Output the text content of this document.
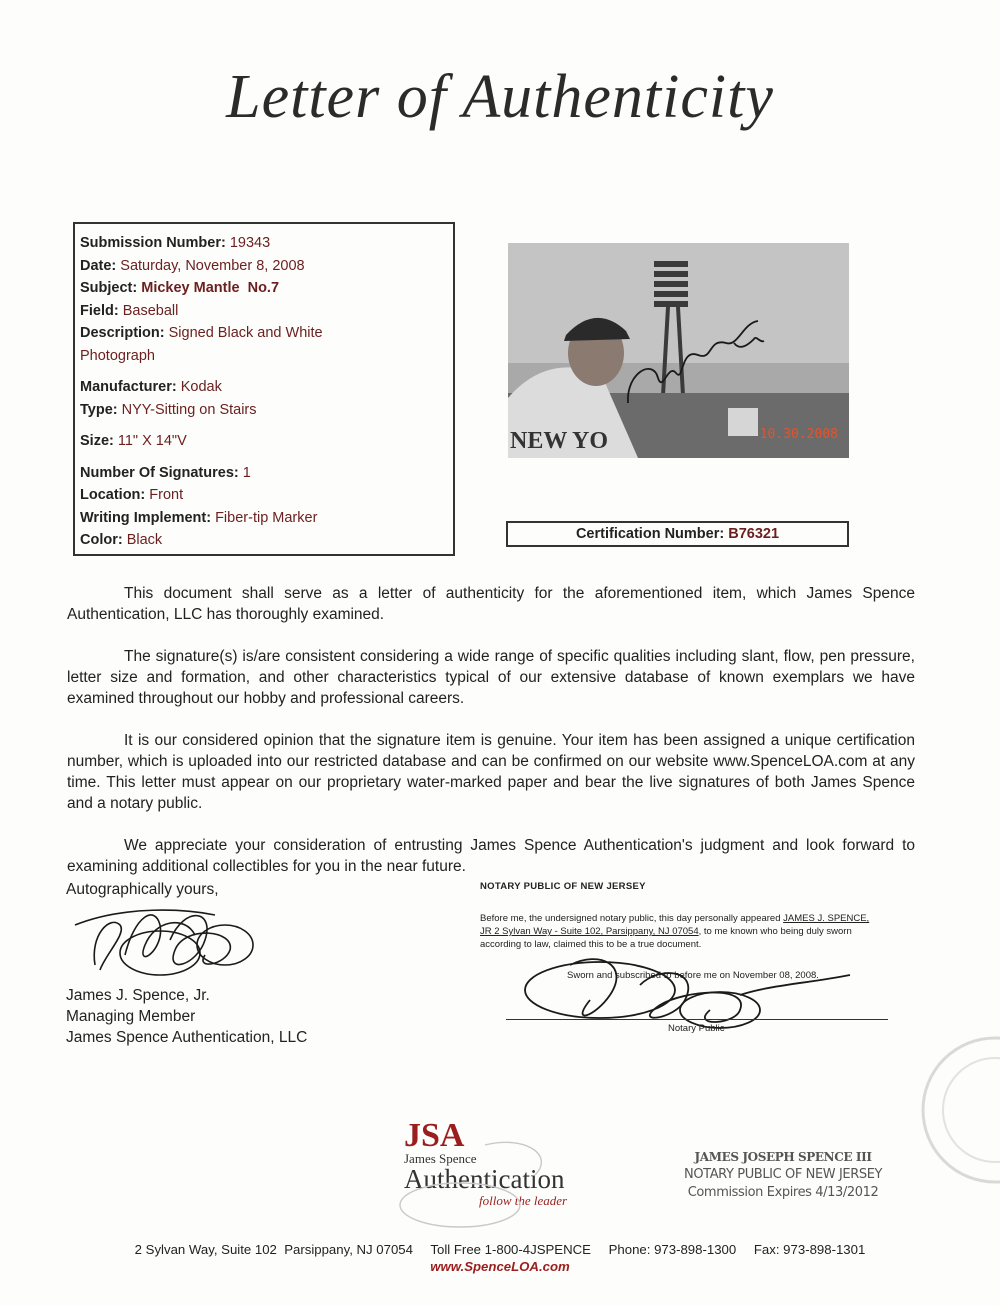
Letter of Authenticity
Submission Number: 19343
Date: Saturday, November 8, 2008
Subject: Mickey Mantle  No.7
Field: Baseball
Description: Signed Black and White
Photograph
Manufacturer: Kodak
Type: NYY-Sitting on Stairs
Size: 11" X 14"V
Number Of Signatures: 1
Location: Front
Writing Implement: Fiber-tip Marker
Color: Black
NEW YO	10.30.2008
Certification Number: B76321

This document shall serve as a letter of authenticity for the aforementioned item, which James Spence Authentication, LLC has thoroughly examined.

The signature(s) is/are consistent considering a wide range of specific qualities including slant, flow, pen pressure, letter size and formation, and other characteristics typical of our extensive database of known exemplars we have examined throughout our hobby and professional careers.

It is our considered opinion that the signature item is genuine. Your item has been assigned a unique certification number, which is uploaded into our restricted database and can be confirmed on our website www.SpenceLOA.com at any time. This letter must appear on our proprietary water-marked paper and bear the live signatures of both James Spence and a notary public.

We appreciate your consideration of entrusting James Spence Authentication's judgment and look forward to examining additional collectibles for you in the near future.

Autographically yours,
James J. Spence, Jr.
Managing Member
James Spence Authentication, LLC
NOTARY PUBLIC OF NEW JERSEY
Before me, the undersigned notary public, this day personally appeared JAMES J. SPENCE, JR 2 Sylvan Way - Suite 102, Parsippany, NJ 07054, to me known who being duly sworn according to law, claimed this to be a true document.
Sworn and subscribed to before me on November 08, 2008.
Notary Public
JSA
James Spence
Authentication
follow the leader
JAMES JOSEPH SPENCE III
NOTARY PUBLIC OF NEW JERSEY
Commission Expires 4/13/2012
2 Sylvan Way, Suite 102  Parsippany, NJ 07054 Toll Free 1-800-4JSPENCE Phone: 973-898-1300 Fax: 973-898-1301
www.SpenceLOA.com
